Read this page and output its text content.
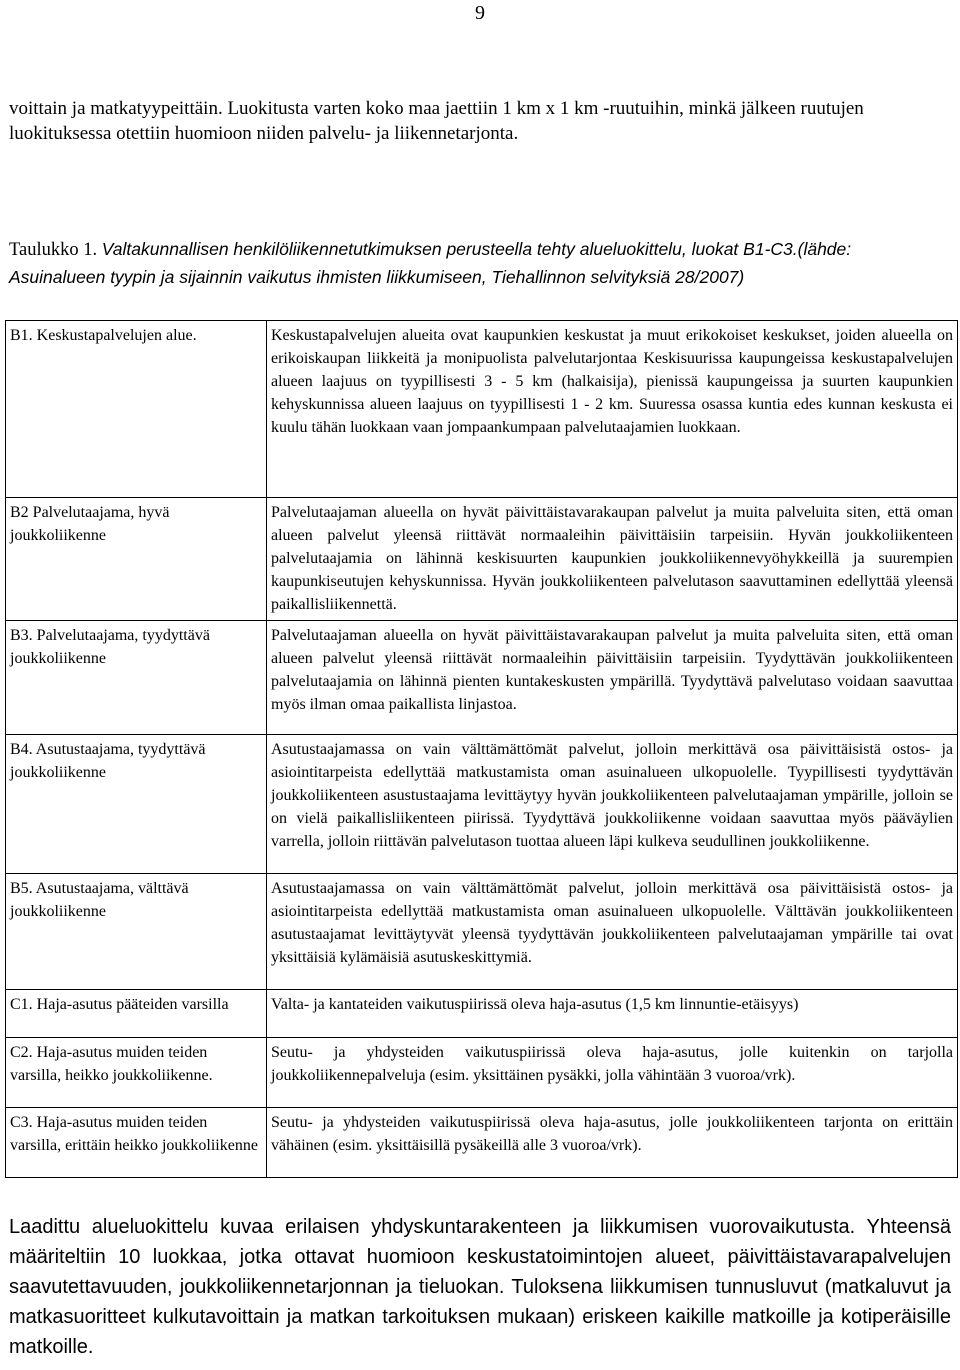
9

voittain ja matkatyypeittäin. Luokitusta varten koko maa jaettiin 1 km x 1 km -ruutuihin, minkä jälkeen ruutujen luokituksessa otettiin huomioon niiden palvelu- ja liikennetarjonta.

Taulukko 1. Valtakunnallisen henkilöliikennetutkimuksen perusteella tehty alueluokittelu, luokat B1-C3.(lähde: Asuinalueen tyypin ja sijainnin vaikutus ihmisten liikkumiseen, Tiehallinnon selvityksiä 28/2007)

B1. Keskustapalvelujen alue.	Keskustapalvelujen alueita ovat kaupunkien keskustat ja muut erikokoiset keskukset, joiden alueella on erikoiskaupan liikkeitä ja monipuolista palvelutarjontaa Keskisuurissa kaupungeissa keskustapalvelujen alueen laajuus on tyypillisesti 3 - 5 km (halkaisija), pienissä kaupungeissa ja suurten kaupunkien kehyskunnissa alueen laajuus on tyypillisesti 1 - 2 km. Suuressa osassa kuntia edes kunnan keskusta ei kuulu tähän luokkaan vaan jompaankumpaan palvelutaajamien luokkaan.
B2 Palvelutaajama, hyvä joukkoliikenne	Palvelutaajaman alueella on hyvät päivittäistavarakaupan palvelut ja muita palveluita siten, että oman alueen palvelut yleensä riittävät normaaleihin päivittäisiin tarpeisiin. Hyvän joukkoliikenteen palvelutaajamia on lähinnä keskisuurten kaupunkien joukkoliikennevyöhykkeillä ja suurempien kaupunkiseutujen kehyskunnissa. Hyvän joukkoliikenteen palvelutason saavuttaminen edellyttää yleensä paikallisliikennettä.
B3. Palvelutaajama, tyydyttävä joukkoliikenne	Palvelutaajaman alueella on hyvät päivittäistavarakaupan palvelut ja muita palveluita siten, että oman alueen palvelut yleensä riittävät normaaleihin päivittäisiin tarpeisiin. Tyydyttävän joukkoliikenteen palvelutaajamia on lähinnä pienten kuntakeskusten ympärillä. Tyydyttävä palvelutaso voidaan saavuttaa myös ilman omaa paikallista linjastoa.
B4. Asutustaajama, tyydyttävä joukkoliikenne	Asutustaajamassa on vain välttämättömät palvelut, jolloin merkittävä osa päivittäisistä ostos- ja asiointitarpeista edellyttää matkustamista oman asuinalueen ulkopuolelle. Tyypillisesti tyydyttävän joukkoliikenteen asustustaajama levittäytyy hyvän joukkoliikenteen palvelutaajaman ympärille, jolloin se on vielä paikallisliikenteen piirissä. Tyydyttävä joukkoliikenne voidaan saavuttaa myös pääväylien varrella, jolloin riittävän palvelutason tuottaa alueen läpi kulkeva seudullinen joukkoliikenne.
B5. Asutustaajama, välttävä joukkoliikenne	Asutustaajamassa on vain välttämättömät palvelut, jolloin merkittävä osa päivittäisistä ostos- ja asiointitarpeista edellyttää matkustamista oman asuinalueen ulkopuolelle. Välttävän joukkoliikenteen asutustaajamat levittäytyvät yleensä tyydyttävän joukkoliikenteen palvelutaajaman ympärille tai ovat yksittäisiä kylämäisiä asutuskeskittymiä.
C1. Haja-asutus pääteiden varsilla	Valta- ja kantateiden vaikutuspiirissä oleva haja-asutus (1,5 km linnuntie-etäisyys)
C2. Haja-asutus muiden teiden varsilla, heikko joukkoliikenne.	Seutu- ja yhdysteiden vaikutuspiirissä oleva haja-asutus, jolle kuitenkin on tarjolla joukkoliikennepalveluja (esim. yksittäinen pysäkki, jolla vähintään 3 vuoroa/vrk).
C3. Haja-asutus muiden teiden varsilla, erittäin heikko joukkoliikenne	Seutu- ja yhdysteiden vaikutuspiirissä oleva haja-asutus, jolle joukkoliikenteen tarjonta on erittäin vähäinen (esim. yksittäisillä pysäkeillä alle 3 vuoroa/vrk).

Laadittu alueluokittelu kuvaa erilaisen yhdyskuntarakenteen ja liikkumisen vuorovaikutusta. Yhteensä määriteltiin 10 luokkaa, jotka ottavat huomioon keskustatoimintojen alueet, päivittäistavarapalvelujen saavutettavuuden, joukkoliikennetarjonnan ja tieluokan. Tuloksena liikkumisen tunnusluvut (matkaluvut ja matkasuoritteet kulkutavoittain ja matkan tarkoituksen mukaan) eriskeen kaikille matkoille ja kotiperäisille matkoille.
